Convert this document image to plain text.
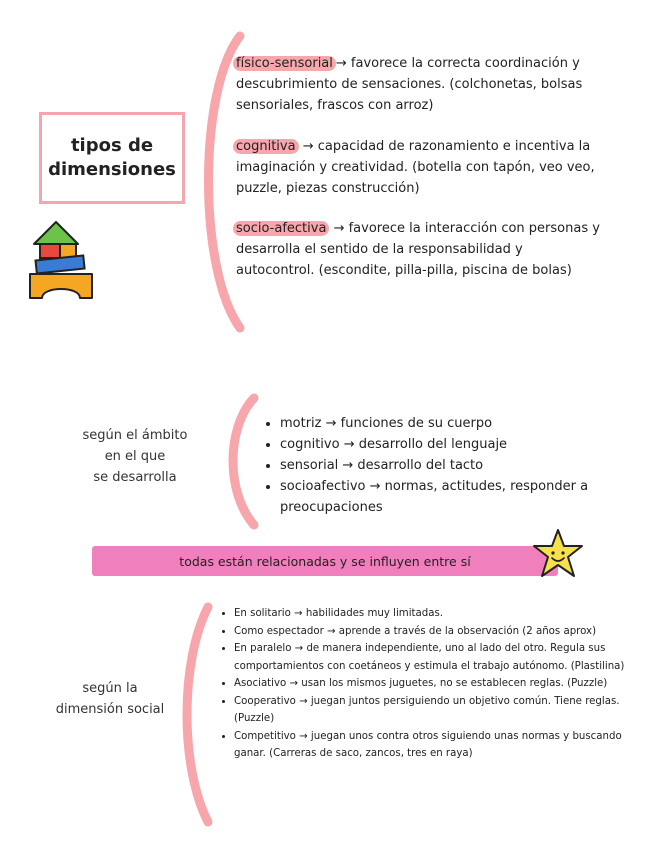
tipos de
dimensiones
físico-sensorial → favorece la correcta coordinación y
descubrimiento de sensaciones. (colchonetas, bolsas
sensoriales, frascos con arroz)
cognitiva → capacidad de razonamiento e incentiva la
imaginación y creatividad. (botella con tapón, veo veo,
puzzle, piezas construcción)
socio-afectiva → favorece la interacción con personas y
desarrolla el sentido de la responsabilidad y
autocontrol. (escondite, pilla-pilla, piscina de bolas)
según el ámbito
en el que
se desarrolla
• motriz → funciones de su cuerpo
• cognitivo → desarrollo del lenguaje
• sensorial → desarrollo del tacto
• socioafectivo → normas, actitudes, responder a preocupaciones
todas están relacionadas y se influyen entre sí
según la
dimensión social
• En solitario → habilidades muy limitadas.
• Como espectador → aprende a través de la observación (2 años aprox)
• En paralelo → de manera independiente, uno al lado del otro. Regula sus comportamientos con coetáneos y estimula el trabajo autónomo. (Plastilina)
• Asociativo → usan los mismos juguetes, no se establecen reglas. (Puzzle)
• Cooperativo → juegan juntos persiguiendo un objetivo común. Tiene reglas. (Puzzle)
• Competitivo → juegan unos contra otros siguiendo unas normas y buscando ganar. (Carreras de saco, zancos, tres en raya)
